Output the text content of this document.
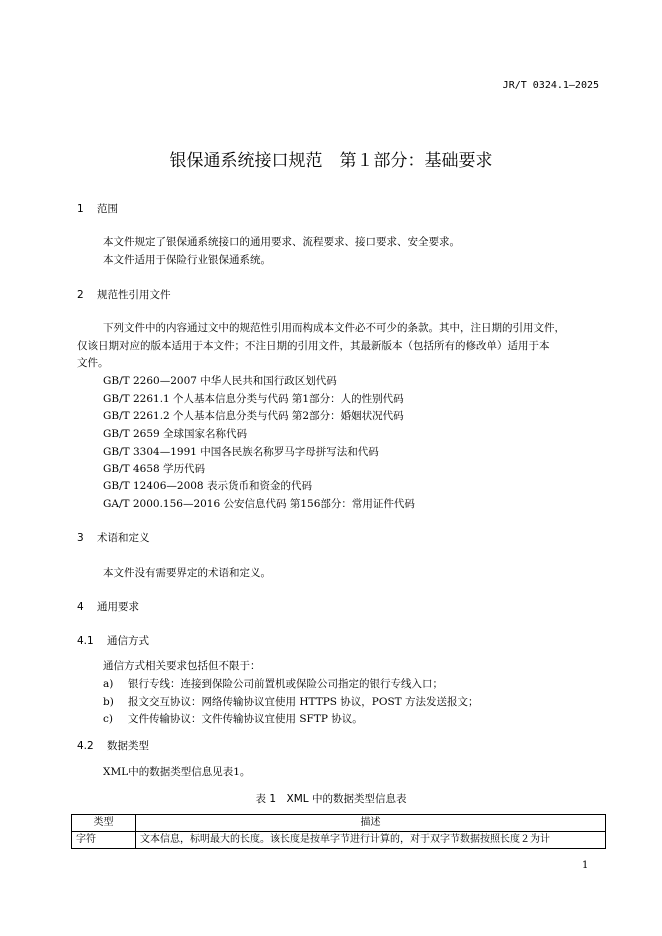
JR/T 0324.1—2025
银保通系统接口规范　第１部分：基础要求
1 范围
本文件规定了银保通系统接口的通用要求、流程要求、接口要求、安全要求。
本文件适用于保险行业银保通系统。
2 规范性引用文件
下列文件中的内容通过文中的规范性引用而构成本文件必不可少的条款。其中，注日期的引用文件，
仅该日期对应的版本适用于本文件；不注日期的引用文件，其最新版本（包括所有的修改单）适用于本
文件。
GB/T 2260—2007 中华人民共和国行政区划代码
GB/T 2261.1 个人基本信息分类与代码 第1部分：人的性别代码
GB/T 2261.2 个人基本信息分类与代码 第2部分：婚姻状况代码
GB/T 2659 全球国家名称代码
GB/T 3304—1991 中国各民族名称罗马字母拼写法和代码
GB/T 4658 学历代码
GB/T 12406—2008 表示货币和资金的代码
GA/T 2000.156—2016 公安信息代码 第156部分：常用证件代码
3 术语和定义
本文件没有需要界定的术语和定义。
4 通用要求
4.1 通信方式
通信方式相关要求包括但不限于：
a) 银行专线：连接到保险公司前置机或保险公司指定的银行专线入口；
b) 报文交互协议：网络传输协议宜使用 HTTPS 协议，POST 方法发送报文；
c) 文件传输协议：文件传输协议宜使用 SFTP 协议。
4.2 数据类型
XML中的数据类型信息见表1。
表 1　XML 中的数据类型信息表
类型	描述
字符	文本信息，标明最大的长度。该长度是按单字节进行计算的，对于双字节数据按照长度２为计
1
